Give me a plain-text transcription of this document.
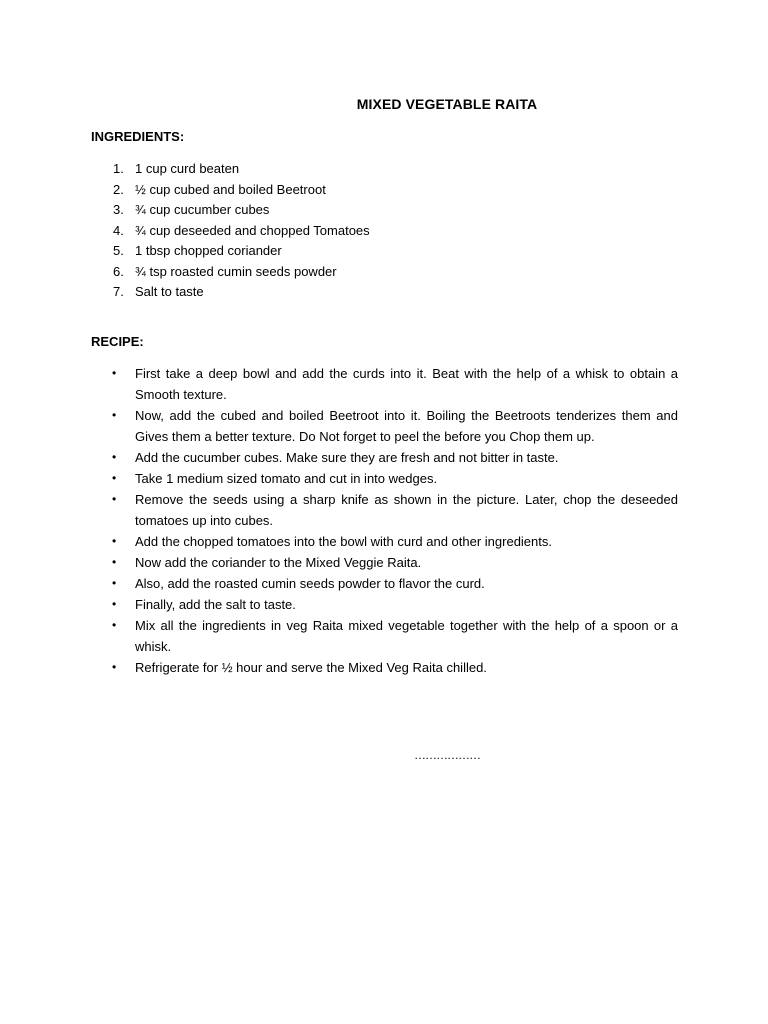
MIXED VEGETABLE RAITA
INGREDIENTS:
1. 1 cup curd beaten
2. ½ cup cubed and boiled Beetroot
3. ¾ cup cucumber cubes
4. ¾ cup deseeded and chopped Tomatoes
5. 1 tbsp chopped coriander
6. ¾ tsp roasted cumin seeds powder
7. Salt to taste
RECIPE:
•	First take a deep bowl and add the curds into it. Beat with the help of a whisk to obtain a Smooth texture.
•	Now, add the cubed and boiled Beetroot into it. Boiling the Beetroots tenderizes them and Gives them a better texture. Do Not forget to peel the before you Chop them up.
•	Add the cucumber cubes. Make sure they are fresh and not bitter in taste.
•	Take 1 medium sized tomato and cut in into wedges.
•	Remove the seeds using a sharp knife as shown in the picture. Later, chop the deseeded tomatoes up into cubes.
•	Add the chopped tomatoes into the bowl with curd and other ingredients.
•	Now add the coriander to the Mixed Veggie Raita.
•	Also, add the roasted cumin seeds powder to flavor the curd.
•	Finally, add the salt to taste.
•	Mix all the ingredients in veg Raita mixed vegetable together with the help of a spoon or a whisk.
•	Refrigerate for ½ hour and serve the Mixed Veg Raita chilled.
………………
